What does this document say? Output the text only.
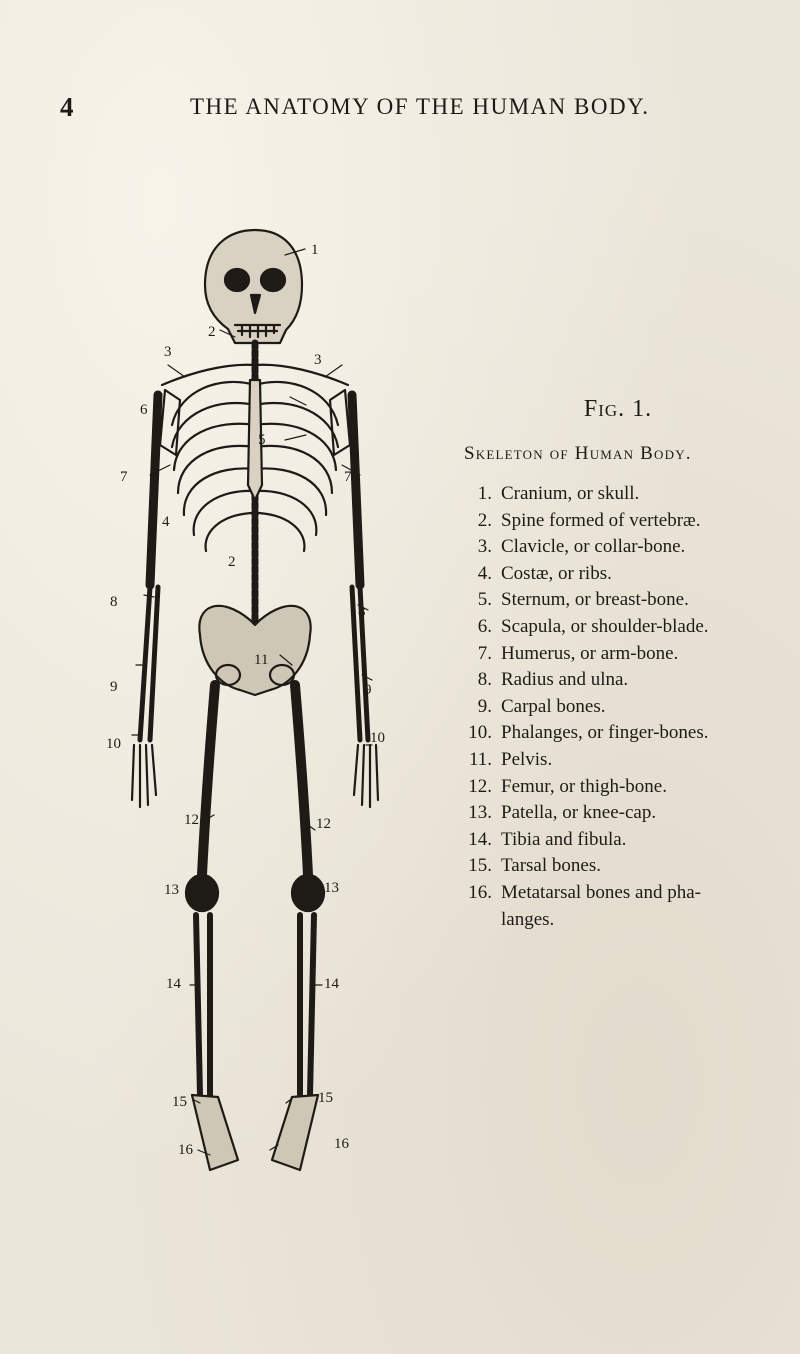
4	THE ANATOMY OF THE HUMAN BODY.
1
2
2
3	3
4
5
6	6
7	7
8
8
9	9
10	10
11
12	12
13	13
14	14
15	15
16	16
Fig. 1.
Skeleton of Human Body.
1. Cranium, or skull.
2. Spine formed of vertebræ.
3. Clavicle, or collar-bone.
4. Costæ, or ribs.
5. Sternum, or breast-bone.
6. Scapula, or shoulder-blade.
7. Humerus, or arm-bone.
8. Radius and ulna.
9. Carpal bones.
10. Phalanges, or finger-bones.
11. Pelvis.
12. Femur, or thigh-bone.
13. Patella, or knee-cap.
14. Tibia and fibula.
15. Tarsal bones.
16. Metatarsal bones and pha-
langes.
